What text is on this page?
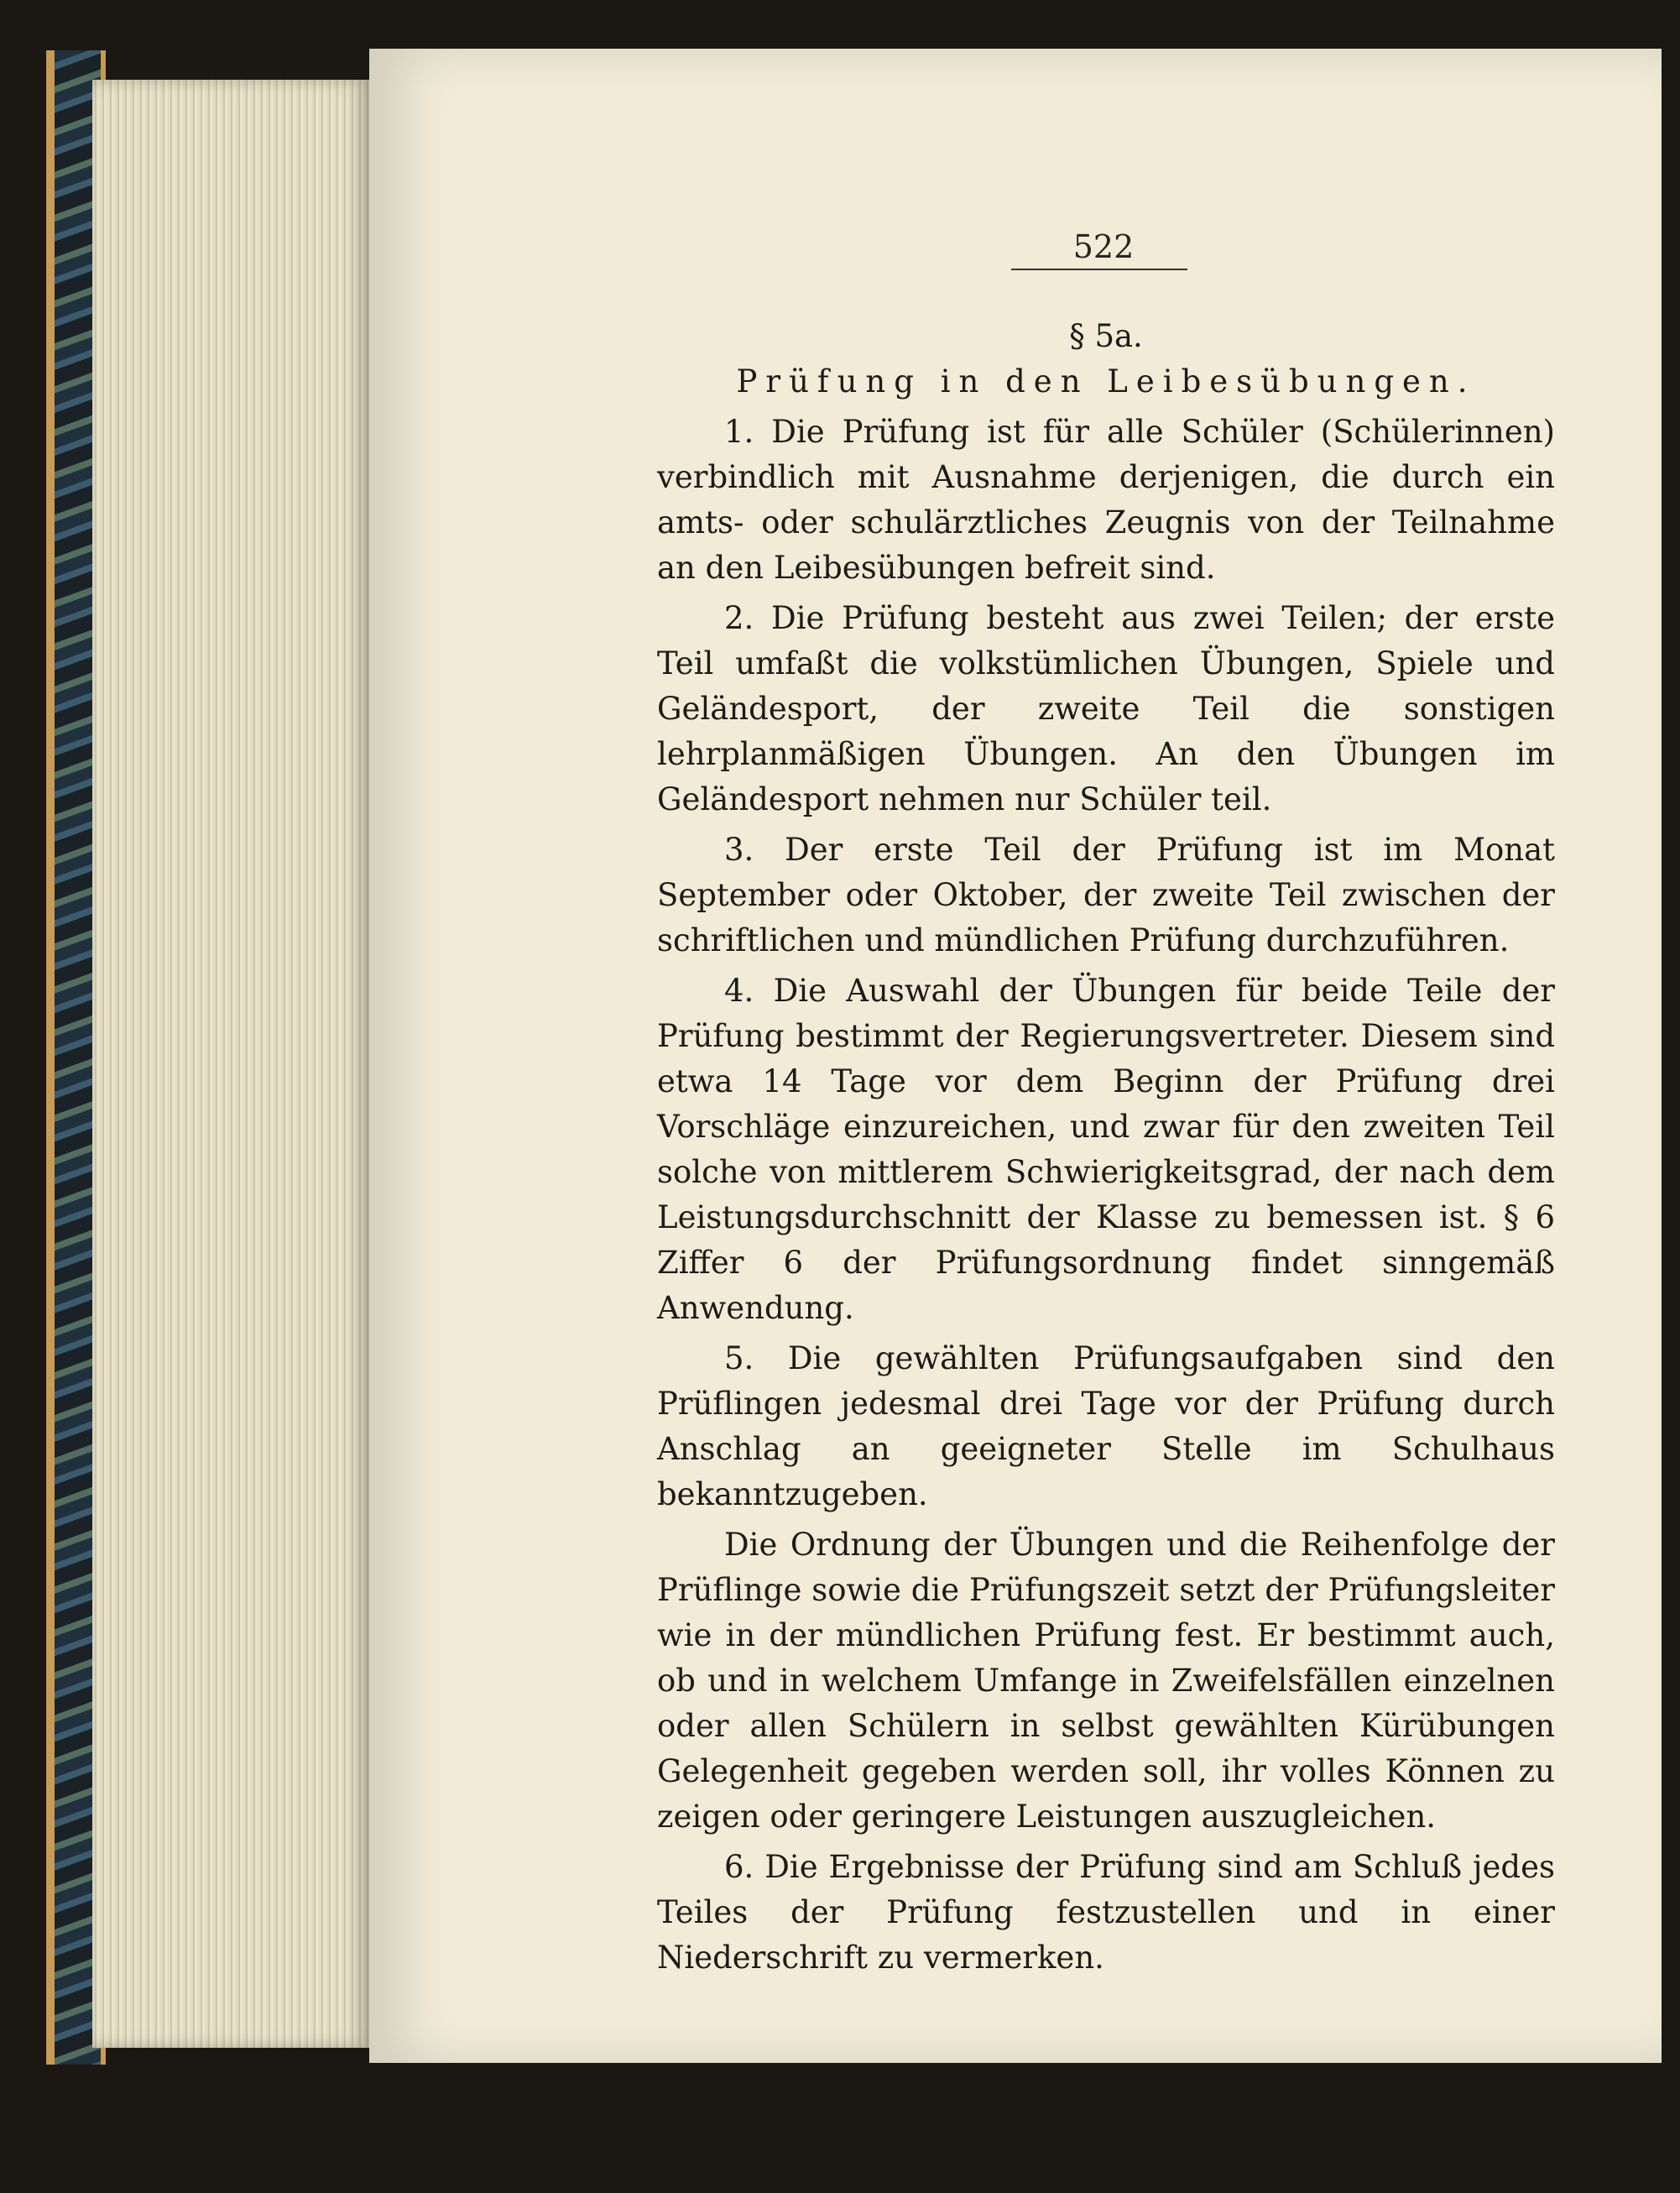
522

§ 5a.

Prüfung in den Leibesübungen.

1. Die Prüfung ist für alle Schüler (Schülerinnen) verbindlich mit Ausnahme derjenigen, die durch ein amts- oder schulärztliches Zeugnis von der Teilnahme an den Leibesübungen befreit sind.

2. Die Prüfung besteht aus zwei Teilen; der erste Teil umfaßt die volkstümlichen Übungen, Spiele und Geländesport, der zweite Teil die sonstigen lehrplanmäßigen Übungen. An den Übungen im Geländesport nehmen nur Schüler teil.

3. Der erste Teil der Prüfung ist im Monat September oder Oktober, der zweite Teil zwischen der schriftlichen und mündlichen Prüfung durchzuführen.

4. Die Auswahl der Übungen für beide Teile der Prüfung bestimmt der Regierungsvertreter. Diesem sind etwa 14 Tage vor dem Beginn der Prüfung drei Vorschläge einzureichen, und zwar für den zweiten Teil solche von mittlerem Schwierigkeitsgrad, der nach dem Leistungsdurchschnitt der Klasse zu bemessen ist. § 6 Ziffer 6 der Prüfungsordnung findet sinngemäß Anwendung.

5. Die gewählten Prüfungsaufgaben sind den Prüflingen jedesmal drei Tage vor der Prüfung durch Anschlag an geeigneter Stelle im Schulhaus bekanntzugeben.

Die Ordnung der Übungen und die Reihenfolge der Prüflinge sowie die Prüfungszeit setzt der Prüfungsleiter wie in der mündlichen Prüfung fest. Er bestimmt auch, ob und in welchem Umfange in Zweifelsfällen einzelnen oder allen Schülern in selbst gewählten Kürübungen Gelegenheit gegeben werden soll, ihr volles Können zu zeigen oder geringere Leistungen auszugleichen.

6. Die Ergebnisse der Prüfung sind am Schluß jedes Teiles der Prüfung festzustellen und in einer Niederschrift zu vermerken.
